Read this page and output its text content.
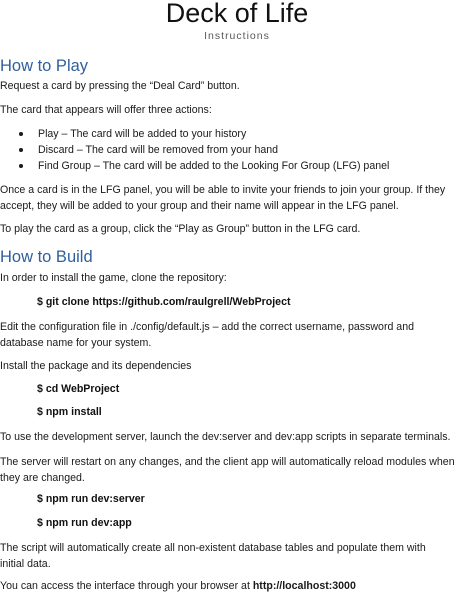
Deck of Life
Instructions
How to Play
Request a card by pressing the “Deal Card” button.
The card that appears will offer three actions:
Play – The card will be added to your history
Discard – The card will be removed from your hand
Find Group – The card will be added to the Looking For Group (LFG) panel
Once a card is in the LFG panel, you will be able to invite your friends to join your group. If they
accept, they will be added to your group and their name will appear in the LFG panel.
To play the card as a group, click the “Play as Group” button in the LFG card.
How to Build
In order to install the game, clone the repository:
$ git clone https://github.com/raulgrell/WebProject
Edit the configuration file in ./config/default.js – add the correct username, password and
database name for your system.
Install the package and its dependencies
$ cd WebProject
$ npm install
To use the development server, launch the dev:server and dev:app scripts in separate terminals.
The server will restart on any changes, and the client app will automatically reload modules when
they are changed.
$ npm run dev:server
$ npm run dev:app
The script will automatically create all non-existent database tables and populate them with
initial data.
You can access the interface through your browser at http://localhost:3000
